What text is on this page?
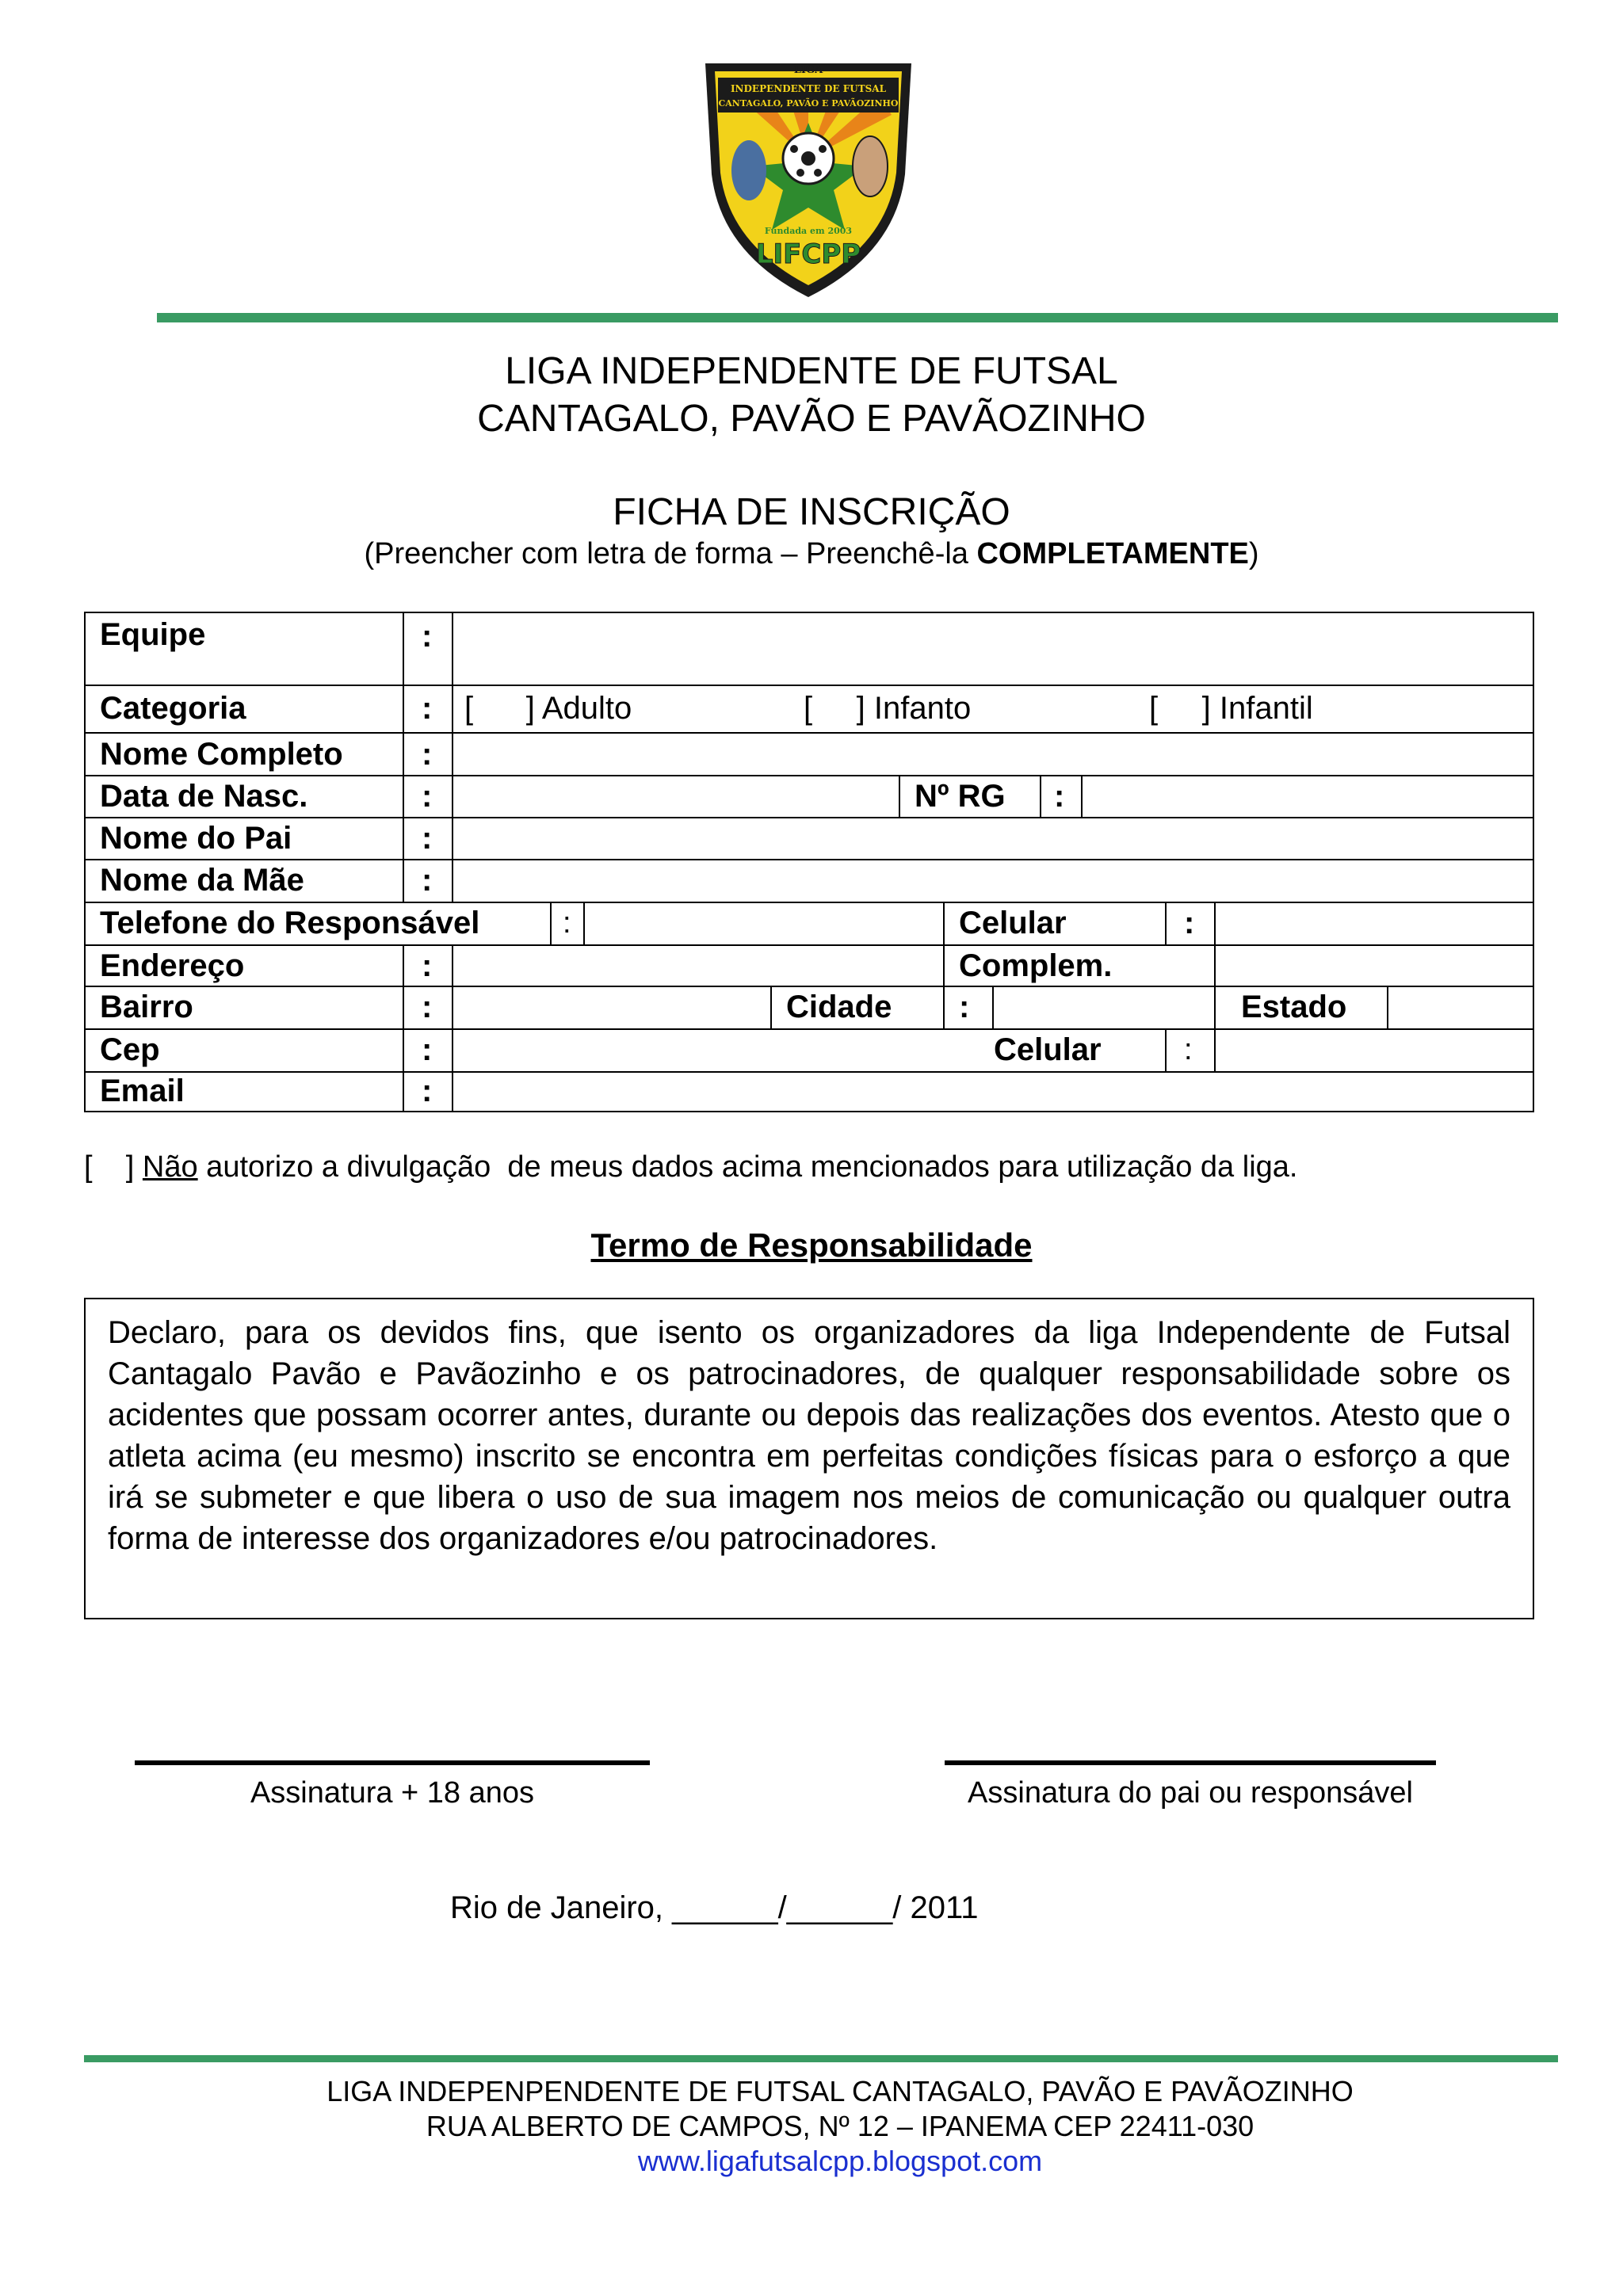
LIGA
INDEPENDENTE DE FUTSAL
CANTAGALO, PAVÃO E PAVÃOZINHO
Fundada em 2003
LIFCPP
LIGA INDEPENDENTE DE FUTSAL
CANTAGALO, PAVÃO E PAVÃOZINHO
FICHA DE INSCRIÇÃO
(Preencher com letra de forma – Preenchê-la COMPLETAMENTE)
Equipe	:
Categoria	: [      ] Adulto	[     ] Infanto	[     ] Infantil
Nome Completo :
Data de Nasc.	:	Nº RG :
Nome do Pai	:
Nome da Mãe	:
Telefone do Responsável	:	Celular	:
Endereço	:	Complem.
Bairro	:	Cidade :	Estado
Cep	:	Celular	:
Email	:
[    ] Não autorizo a divulgação  de meus dados acima mencionados para utilização da liga.
Termo de Responsabilidade

Declaro, para os devidos fins, que isento os organizadores da liga Independente de Futsal Cantagalo Pavão e Pavãozinho e os patrocinadores, de qualquer responsabilidade sobre os acidentes que possam ocorrer antes, durante ou depois das realizações dos eventos. Atesto que o atleta acima (eu mesmo) inscrito se encontra em perfeitas condições físicas para o esforço a que irá se submeter e que libera o uso de sua imagem nos meios de comunicação ou qualquer outra forma de interesse dos organizadores e/ou patrocinadores.

Assinatura + 18 anos	Assinatura do pai ou responsável
Rio de Janeiro, ______/______/ 2011
LIGA INDEPENPENDENTE DE FUTSAL CANTAGALO, PAVÃO E PAVÃOZINHO
RUA ALBERTO DE CAMPOS, Nº 12 – IPANEMA CEP 22411-030
www.ligafutsalcpp.blogspot.com
